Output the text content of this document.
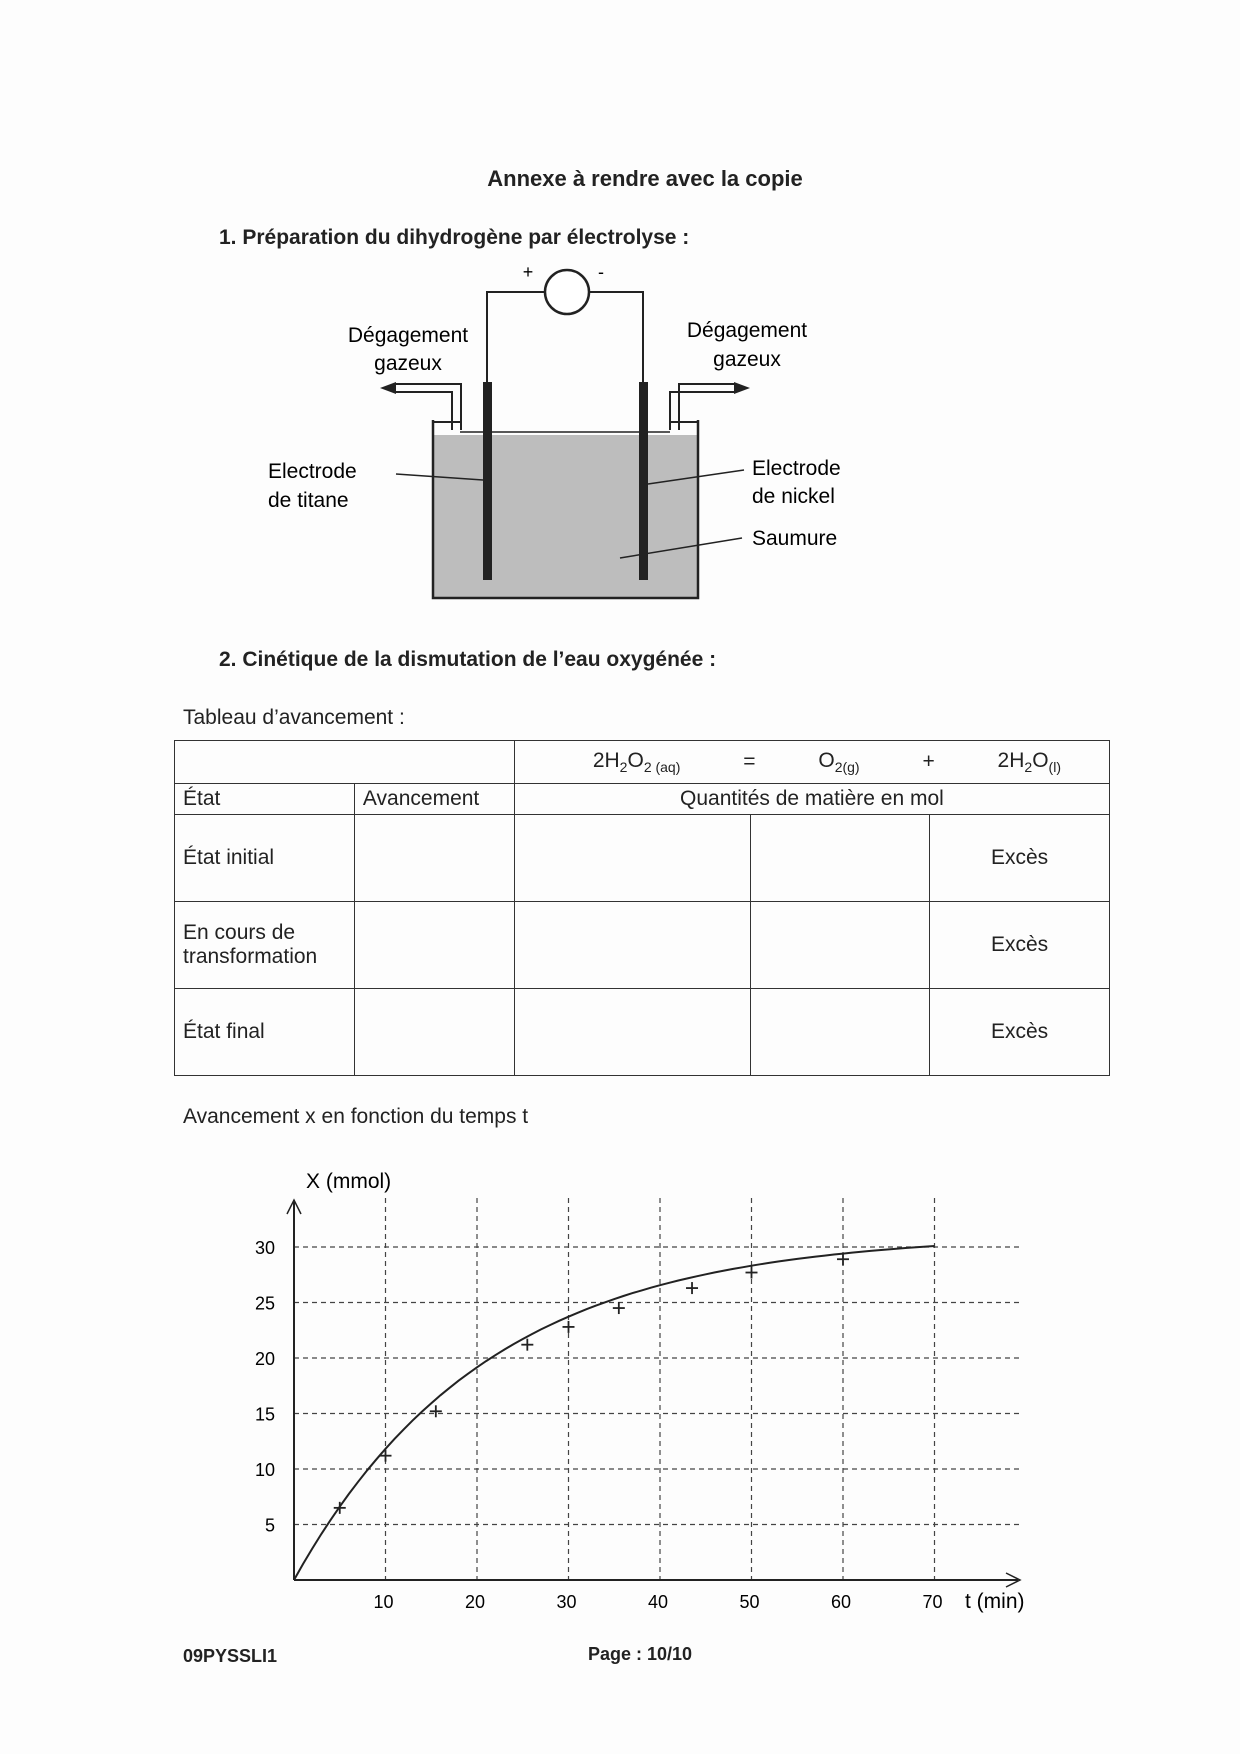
Annexe à rendre avec la copie
1. Préparation du dihydrogène par électrolyse :
+	-
Dégagement
gazeux
Dégagement
gazeux
Electrode
de titane
Electrode
de nickel
Saumure
2. Cinétique de la dismutation de l’eau oxygénée :
Tableau d’avancement :

		$2H_2O_{2 (aq)} = O_{2(g)} + 2H_2O_{(l)}$

État	Avancement	Quantités de matière en mol		
État initial				Excès
En cours de transformation				Excès
État final				Excès
Avancement x en fonction du temps t
5
10
15
20
25
30
10	20	30	40	50	60	70
X (mmol)
t (min)
09PYSSLI1	Page : 10/10
